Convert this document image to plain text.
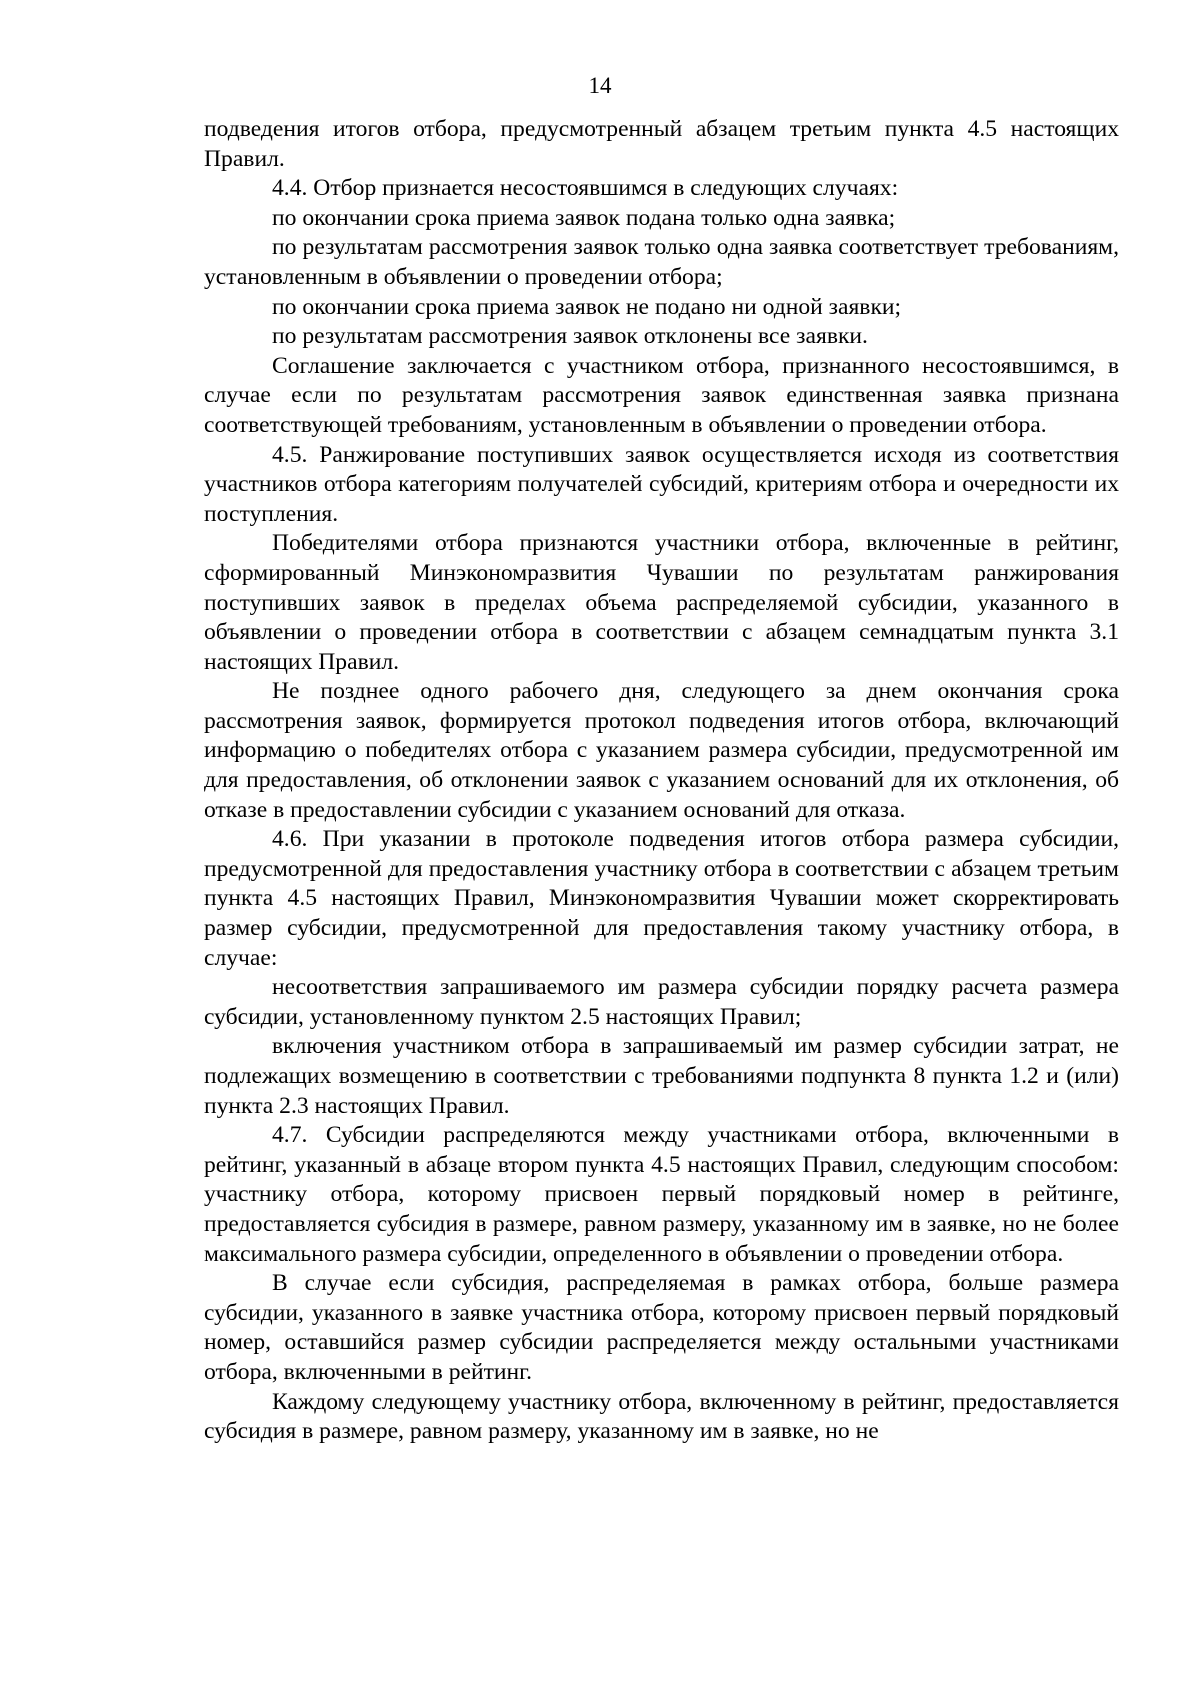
14

подведения итогов отбора, предусмотренный абзацем третьим пункта 4.5 настоящих Правил.

4.4. Отбор признается несостоявшимся в следующих случаях:

по окончании срока приема заявок подана только одна заявка;

по результатам рассмотрения заявок только одна заявка соответствует требованиям, установленным в объявлении о проведении отбора;

по окончании срока приема заявок не подано ни одной заявки;

по результатам рассмотрения заявок отклонены все заявки.

Соглашение заключается с участником отбора, признанного несостоявшимся, в случае если по результатам рассмотрения заявок единственная заявка признана соответствующей требованиям, установленным в объявлении о проведении отбора.

4.5. Ранжирование поступивших заявок осуществляется исходя из соответствия участников отбора категориям получателей субсидий, критериям отбора и очередности их поступления.

Победителями отбора признаются участники отбора, включенные в рейтинг, сформированный Минэкономразвития Чувашии по результатам ранжирования поступивших заявок в пределах объема распределяемой субсидии, указанного в объявлении о проведении отбора в соответствии с абзацем семнадцатым пункта 3.1 настоящих Правил.

Не позднее одного рабочего дня, следующего за днем окончания срока рассмотрения заявок, формируется протокол подведения итогов отбора, включающий информацию о победителях отбора с указанием размера субсидии, предусмотренной им для предоставления, об отклонении заявок с указанием оснований для их отклонения, об отказе в предоставлении субсидии с указанием оснований для отказа.

4.6. При указании в протоколе подведения итогов отбора размера субсидии, предусмотренной для предоставления участнику отбора в соответствии с абзацем третьим пункта 4.5 настоящих Правил, Минэкономразвития Чувашии может скорректировать размер субсидии, предусмотренной для предоставления такому участнику отбора, в случае:

несоответствия запрашиваемого им размера субсидии порядку расчета размера субсидии, установленному пунктом 2.5 настоящих Правил;

включения участником отбора в запрашиваемый им размер субсидии затрат, не подлежащих возмещению в соответствии с требованиями подпункта 8 пункта 1.2 и (или) пункта 2.3 настоящих Правил.

4.7. Субсидии распределяются между участниками отбора, включенными в рейтинг, указанный в абзаце втором пункта 4.5 настоящих Правил, следующим способом: участнику отбора, которому присвоен первый порядковый номер в рейтинге, предоставляется субсидия в размере, равном размеру, указанному им в заявке, но не более максимального размера субсидии, определенного в объявлении о проведении отбора.

В случае если субсидия, распределяемая в рамках отбора, больше размера субсидии, указанного в заявке участника отбора, которому присвоен первый порядковый номер, оставшийся размер субсидии распределяется между остальными участниками отбора, включенными в рейтинг.

Каждому следующему участнику отбора, включенному в рейтинг, предоставляется субсидия в размере, равном размеру, указанному им в заявке, но не
